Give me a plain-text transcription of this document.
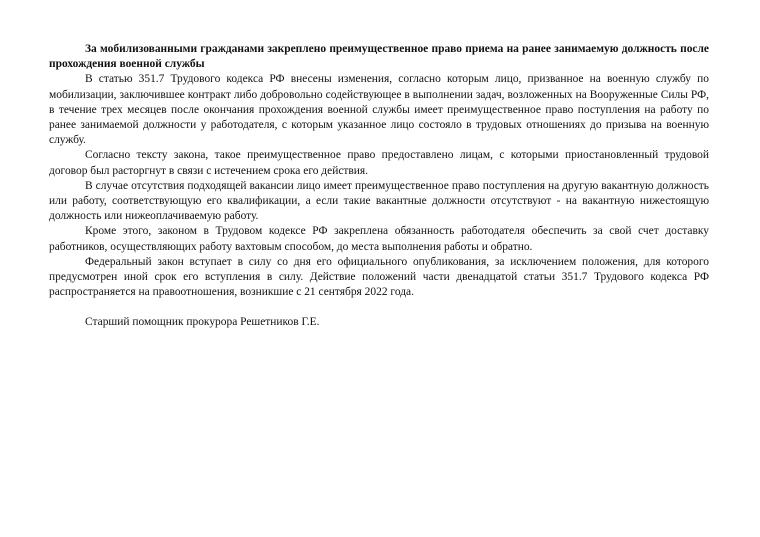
За мобилизованными гражданами закреплено преимущественное право приема на ранее занимаемую должность после прохождения военной службы

В статью 351.7 Трудового кодекса РФ внесены изменения, согласно которым лицо, призванное на военную службу по мобилизации, заключившее контракт либо добровольно содействующее в выполнении задач, возложенных на Вооруженные Силы РФ, в течение трех месяцев после окончания прохождения военной службы имеет преимущественное право поступления на работу по ранее занимаемой должности у работодателя, с которым указанное лицо состояло в трудовых отношениях до призыва на военную службу.

Согласно тексту закона, такое преимущественное право предоставлено лицам, с которыми приостановленный трудовой договор был расторгнут в связи с истечением срока его действия.

В случае отсутствия подходящей вакансии лицо имеет преимущественное право поступления на другую вакантную должность или работу, соответствующую его квалификации, а если такие вакантные должности отсутствуют - на вакантную нижестоящую должность или нижеоплачиваемую работу.

Кроме этого, законом в Трудовом кодексе РФ закреплена обязанность работодателя обеспечить за свой счет доставку работников, осуществляющих работу вахтовым способом, до места выполнения работы и обратно.

Федеральный закон вступает в силу со дня его официального опубликования, за исключением положения, для которого предусмотрен иной срок его вступления в силу. Действие положений части двенадцатой статьи 351.7 Трудового кодекса РФ распространяется на правоотношения, возникшие с 21 сентября 2022 года.

Старший помощник прокурора Решетников Г.Е.
